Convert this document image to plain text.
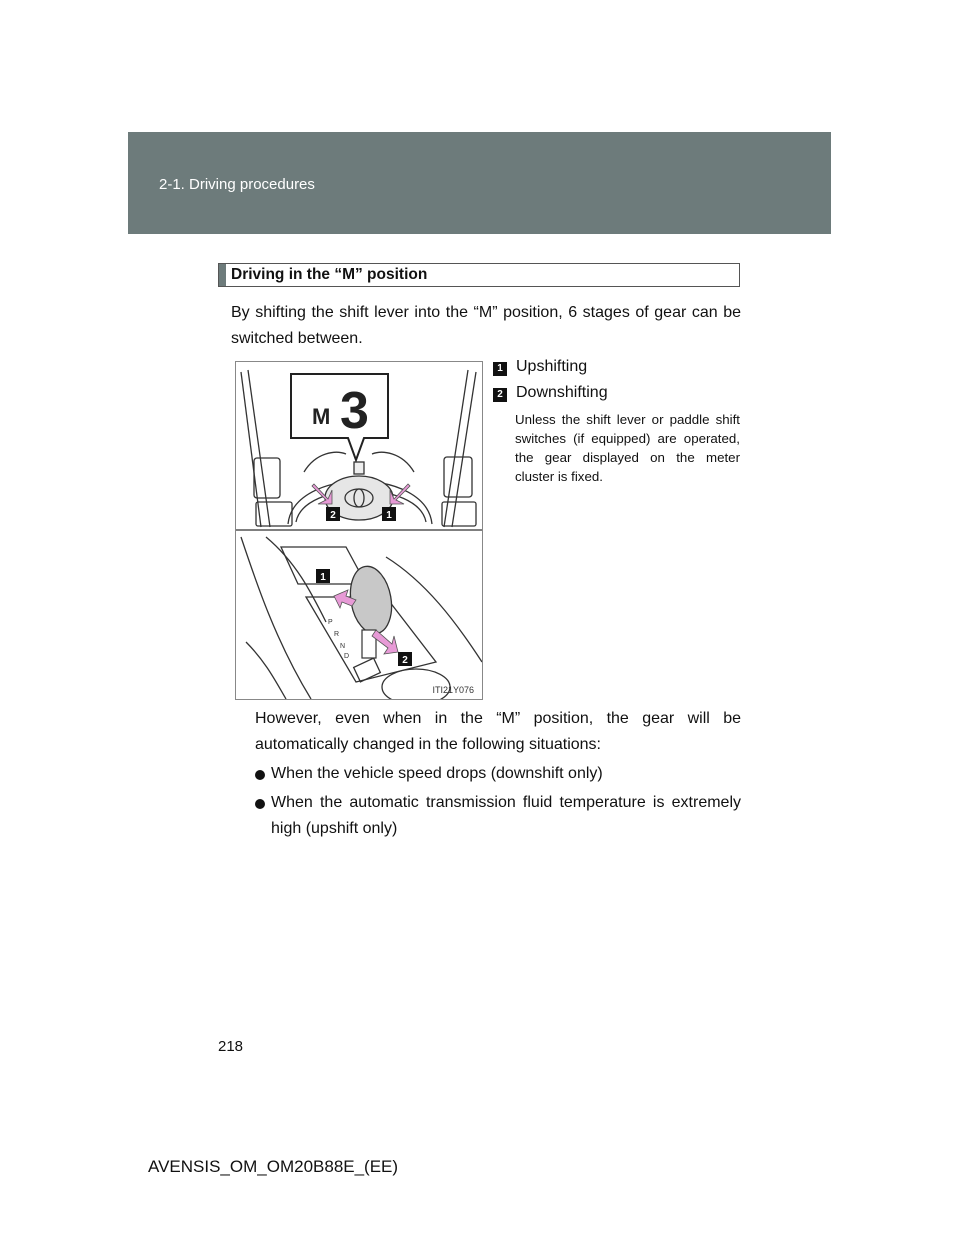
2-1. Driving procedures
Driving in the “M” position
By shifting the shift lever into the “M” position, 6 stages of gear can be switched between.
M 3
P
R
N
D
2	1
1
2
ITI21Y076
1 Upshifting
2 Downshifting
Unless the shift lever or paddle shift switches (if equipped) are operated, the gear displayed on the meter cluster is fixed.
However, even when in the “M” position, the gear will be automatically changed in the following situations:
When the vehicle speed drops (downshift only)
When the automatic transmission fluid temperature is extremely high (upshift only)
218
AVENSIS_OM_OM20B88E_(EE)
